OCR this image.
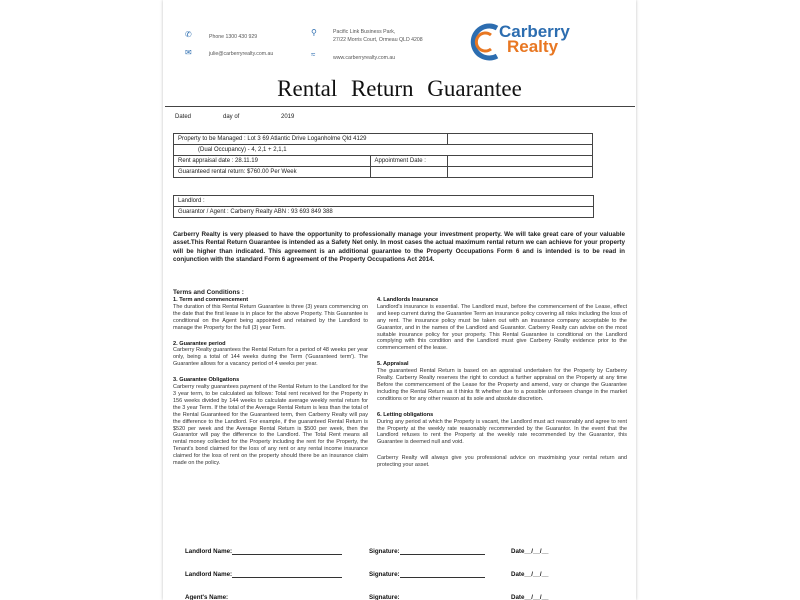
✆	Phone 1300 430 929
✉	julie@carberryrealty.com.au
⚲	Pacific Link Business Park,
27/22 Morris Court, Ormeau QLD 4208
≈	www.carberryrealty.com.au
Carberry
Realty
Rental Return Guarantee
Dated	day of	2019
Property to be Managed : Lot 3 69 Atlantic Drive Loganholme Qld 4129		
(Dual Occupancy) - 4, 2,1 + 2,1,1		
Rent appraisal date : 28.11.19	Appointment Date :	
Guaranteed rental return: $760.00 Per Week		
Landlord :
Guarantor / Agent : Carberry Realty ABN : 93 693 849 388
Carberry Realty is very pleased to have the opportunity to professionally manage your investment property. We will take great care of your valuable asset.This Rental Return Guarantee is intended as a Safety Net only. In most cases the actual maximum rental return we can achieve for your property will be higher than indicated. This agreement is an additional guarantee to the Property Occupations Form 6 and is intended is to be read in conjunction with the standard Form 6 agreement of the Property Occupations Act 2014.
Terms and Conditions :
1. Term and commencement

The duration of this Rental Return Guarantee is three (3) years commencing on the date that the first lease is in place for the above Property. This Guarantee is conditional on the Agent being appointed and retained by the Landlord to manage the Property for the full (3) year Term.

2. Guarantee period

Carberry Realty guarantees the Rental Return for a period of 48 weeks per year only, being a total of 144 weeks during the Term ('Guaranteed term'). The Guarantee allows for a vacancy period of 4 weeks per year.

3. Guarantee Obligations

Carberry realty guarantees payment of the Rental Return to the Landlord for the 3 year term, to be calculated as follows: Total rent received for the Property in 156 weeks divided by 144 weeks to calculate average weekly rental return for the 3 year Term. If the total of the Average Rental Return is less than the total of the Rental Guaranteed for the Guaranteed term, then Carberry Realty will pay the difference to the Landlord. For example, if the guaranteed Rental Return is $520 per week and the Average Rental Return is $500 per week, then the Guarantor will pay the difference to the Landlord. The Total Rent means all rental money collected for the Property including the rent for the Property, the Tenant's bond claimed for the loss of any rent or any rental income insurance claimed for the loss of rent on the property should there be an insurance claim made on the policy.

4. Landlords Insurance

Landlord's insurance is essential. The Landlord must, before the commencement of the Lease, effect and keep current during the Guarantee Term an insurance policy covering all risks including the loss of any rent. The insurance policy must be taken out with an insurance company acceptable to the Guarantor, and in the names of the Landlord and Guarantor. Carberry Realty can advise on the most suitable insurance policy for your property. This Rental Guarantee is conditional on the Landlord complying with this condition and the Landlord must give Carberry Realty evidence prior to the commencement of the lease.

5. Appraisal

The guaranteed Rental Return is based on an appraisal undertaken for the Property by Carberry Realty. Carberry Realty reserves the right to conduct a further appraisal on the Property at any time Before the commencement of the Lease for the Property and amend, vary or change the Guarantee including the Rental Return as it thinks fit whether due to a possible unforseen change in the market conditions or for any other reason at its sole and absolute discretion.

6. Letting obligations

During any period at which the Property is vacant, the Landlord must act reasonably and agree to rent the Property at the weekly rate reasonably recommended by the Guarantor. In the event that the Landlord refuses to rent the Property at the weekly rate recommended by the Guarantor, this Guarantee is deemed null and void.

Carberry Realty will always give you professional advice on maximising your rental return and protecting your asset.

Landlord Name:	Signature:	Date__/__/__
Landlord Name:	Signature:	Date__/__/__
Agent's Name:	Signature:	Date__/__/__
